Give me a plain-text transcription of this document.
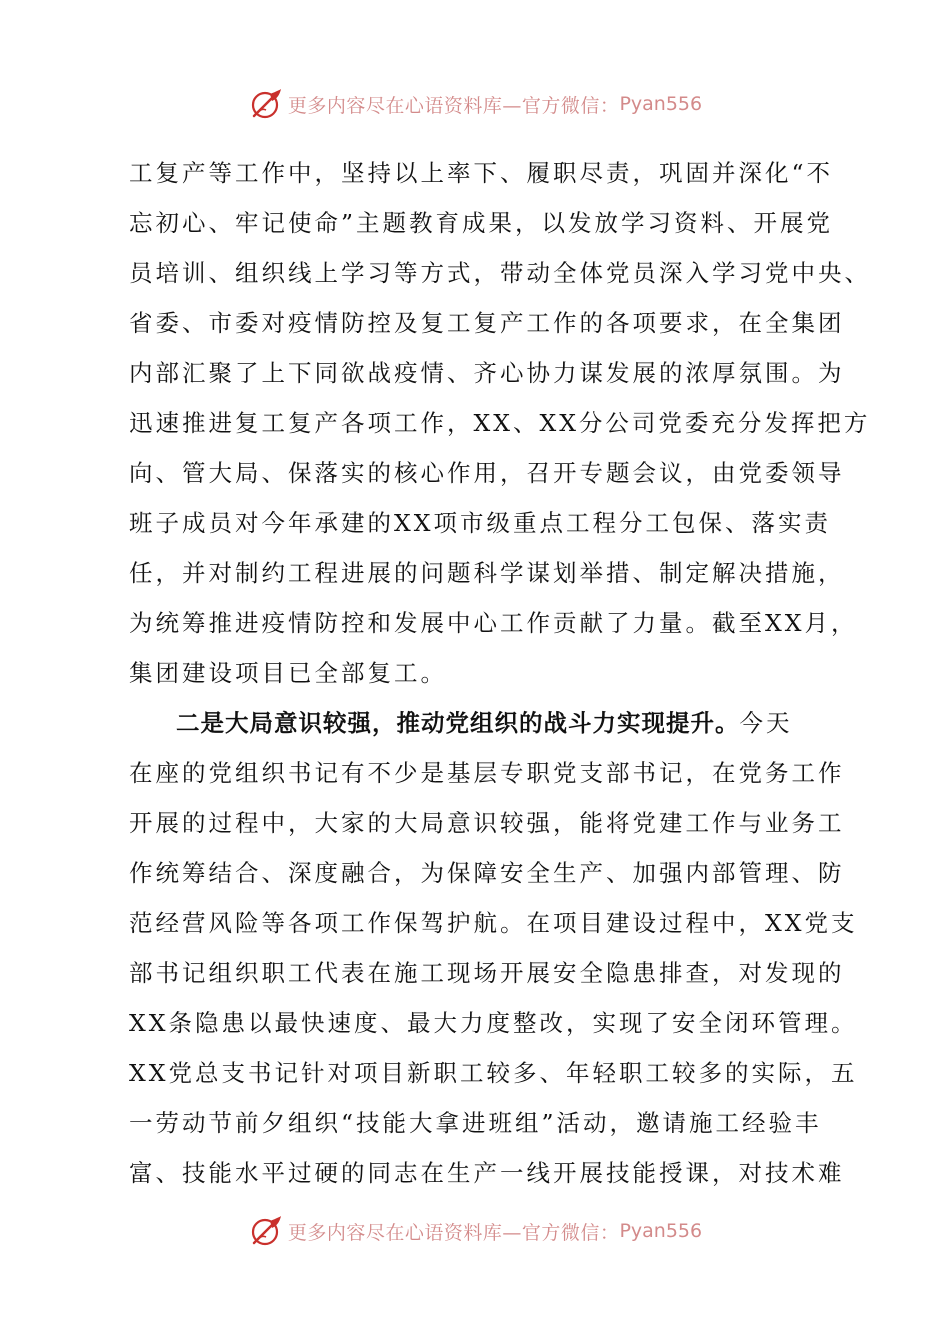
更多内容尽在心语资料库— 官方微信： Pyan556
工复产等工作中，坚持以上率下、履职尽责，巩固并深化“不
忘初心、牢记使命”主题教育成果，以发放学习资料、开展党
员培训、组织线上学习等方式，带动全体党员深入学习党中央、
省委、市委对疫情防控及复工复产工作的各项要求，在全集团
内部汇聚了上下同欲战疫情、齐心协力谋发展的浓厚氛围。为
迅速推进复工复产各项工作，XX、XX分公司党委充分发挥把方
向、管大局、保落实的核心作用，召开专题会议，由党委领导
班子成员对今年承建的XX项市级重点工程分工包保、落实责
任，并对制约工程进展的问题科学谋划举措、制定解决措施，
为统筹推进疫情防控和发展中心工作贡献了力量。截至XX月，
集团建设项目已全部复工。
二是大局意识较强，推动党组织的战斗力实现提升。今天
在座的党组织书记有不少是基层专职党支部书记，在党务工作
开展的过程中，大家的大局意识较强，能将党建工作与业务工
作统筹结合、深度融合，为保障安全生产、加强内部管理、防
范经营风险等各项工作保驾护航。在项目建设过程中，XX党支
部书记组织职工代表在施工现场开展安全隐患排查，对发现的
XX条隐患以最快速度、最大力度整改，实现了安全闭环管理。
XX党总支书记针对项目新职工较多、年轻职工较多的实际，五
一劳动节前夕组织“技能大拿进班组”活动，邀请施工经验丰
富、技能水平过硬的同志在生产一线开展技能授课，对技术难
更多内容尽在心语资料库— 官方微信： Pyan556
